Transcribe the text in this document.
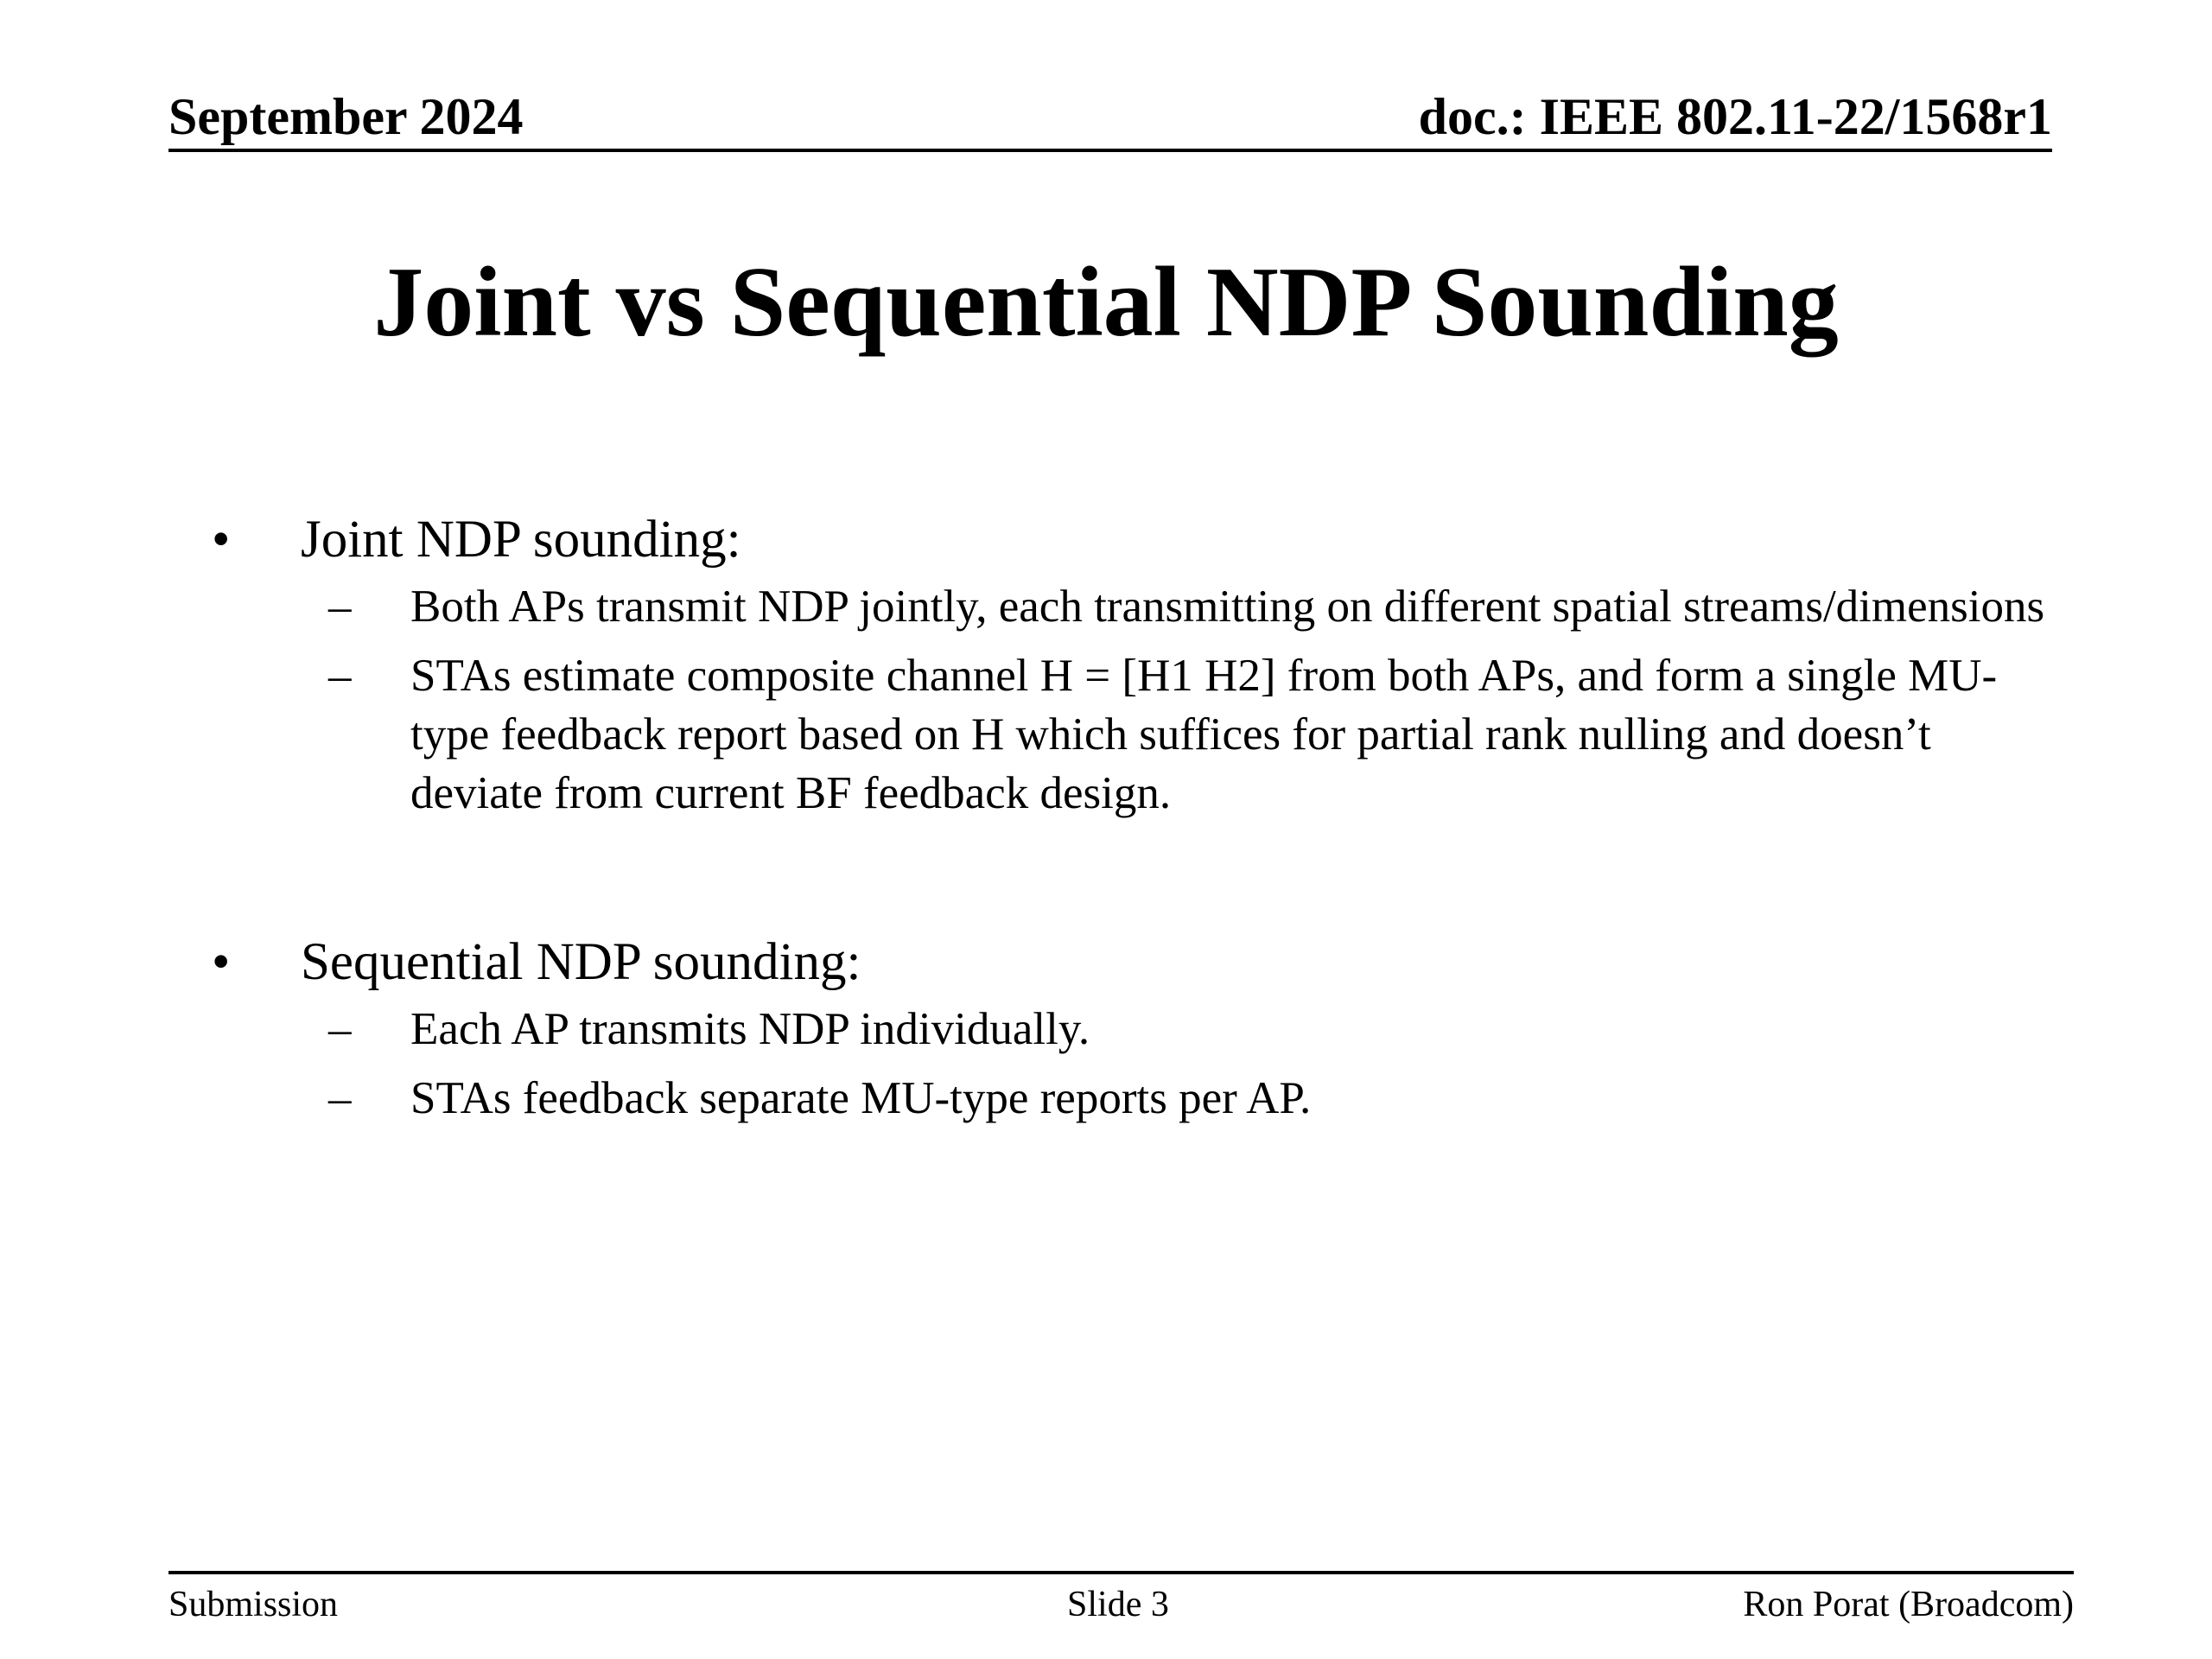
September 2024	doc.: IEEE 802.11-22/1568r1
Joint vs Sequential NDP Sounding
•	Joint NDP sounding:
– Both APs transmit NDP jointly, each transmitting on different spatial streams/dimensions
– STAs estimate composite channel H = [H1 H2] from both APs, and form a single MU-type feedback report based on H which suffices for partial rank nulling and doesn’t deviate from current BF feedback design.
•	Sequential NDP sounding:
– Each AP transmits NDP individually.
– STAs feedback separate MU-type reports per AP.
Submission	Slide 3	Ron Porat (Broadcom)
